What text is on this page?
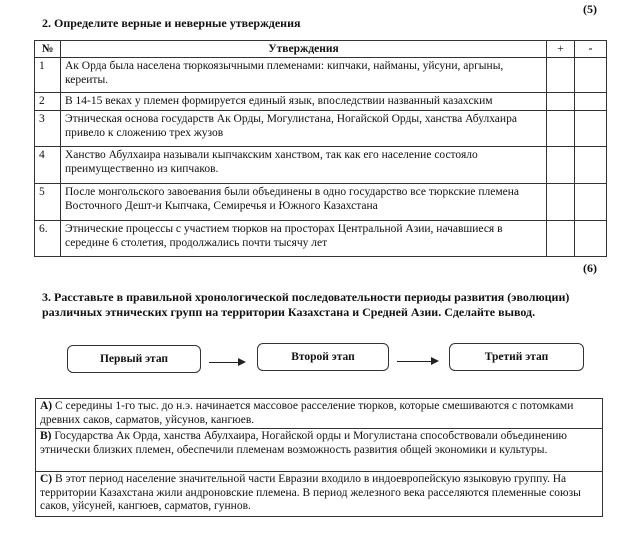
(5)
2. Определите верные и неверные утверждения
№	Утверждения	+	-
1	Ак Орда была населена тюркоязычными племенами: кипчаки, найманы, уйсуни, аргыны, кереиты.		
2	В 14-15 веках у племен формируется единый язык, впоследствии названный казахским		
3	Этническая основа государств Ак Орды, Могулистана, Ногайской Орды, ханства Абулхаира привело к сложению трех жузов		
4	Ханство Абулхаира называли кыпчакским ханством, так как его население состояло преимущественно из кипчаков.		
5	После монгольского завоевания были объединены в одно государство все тюркские племена Восточного Дешт-и Кыпчака, Семиречья и Южного Казахстана		
6.	Этнические процессы с участием тюрков на просторах Центральной Азии, начавшиеся в середине 6 столетия, продолжались почти тысячу лет		
(6)
3. Расставьте в правильной хронологической последовательности периоды развития (эволюции)
различных этнических групп на территории Казахстана и Средней Азии. Сделайте вывод.
Первый этап	Второй этап	Третий этап
А) С середины 1-го тыс. до н.э. начинается массовое расселение тюрков, которые смешиваются с потомками древних саков, сарматов, уйсунов, кангюев.
В) Государства Ак Орда, ханства Абулхаира, Ногайской орды и Могулистана способствовали объединению этнически близких племен, обеспечили племенам возможность развития общей экономики и культуры.
С) В этот период население значительной части Евразии входило в индоевропейскую языковую группу. На территории Казахстана жили андроновские племена. В период железного века расселяются племенные союзы саков, уйсуней, кангюев, сарматов, гуннов.
